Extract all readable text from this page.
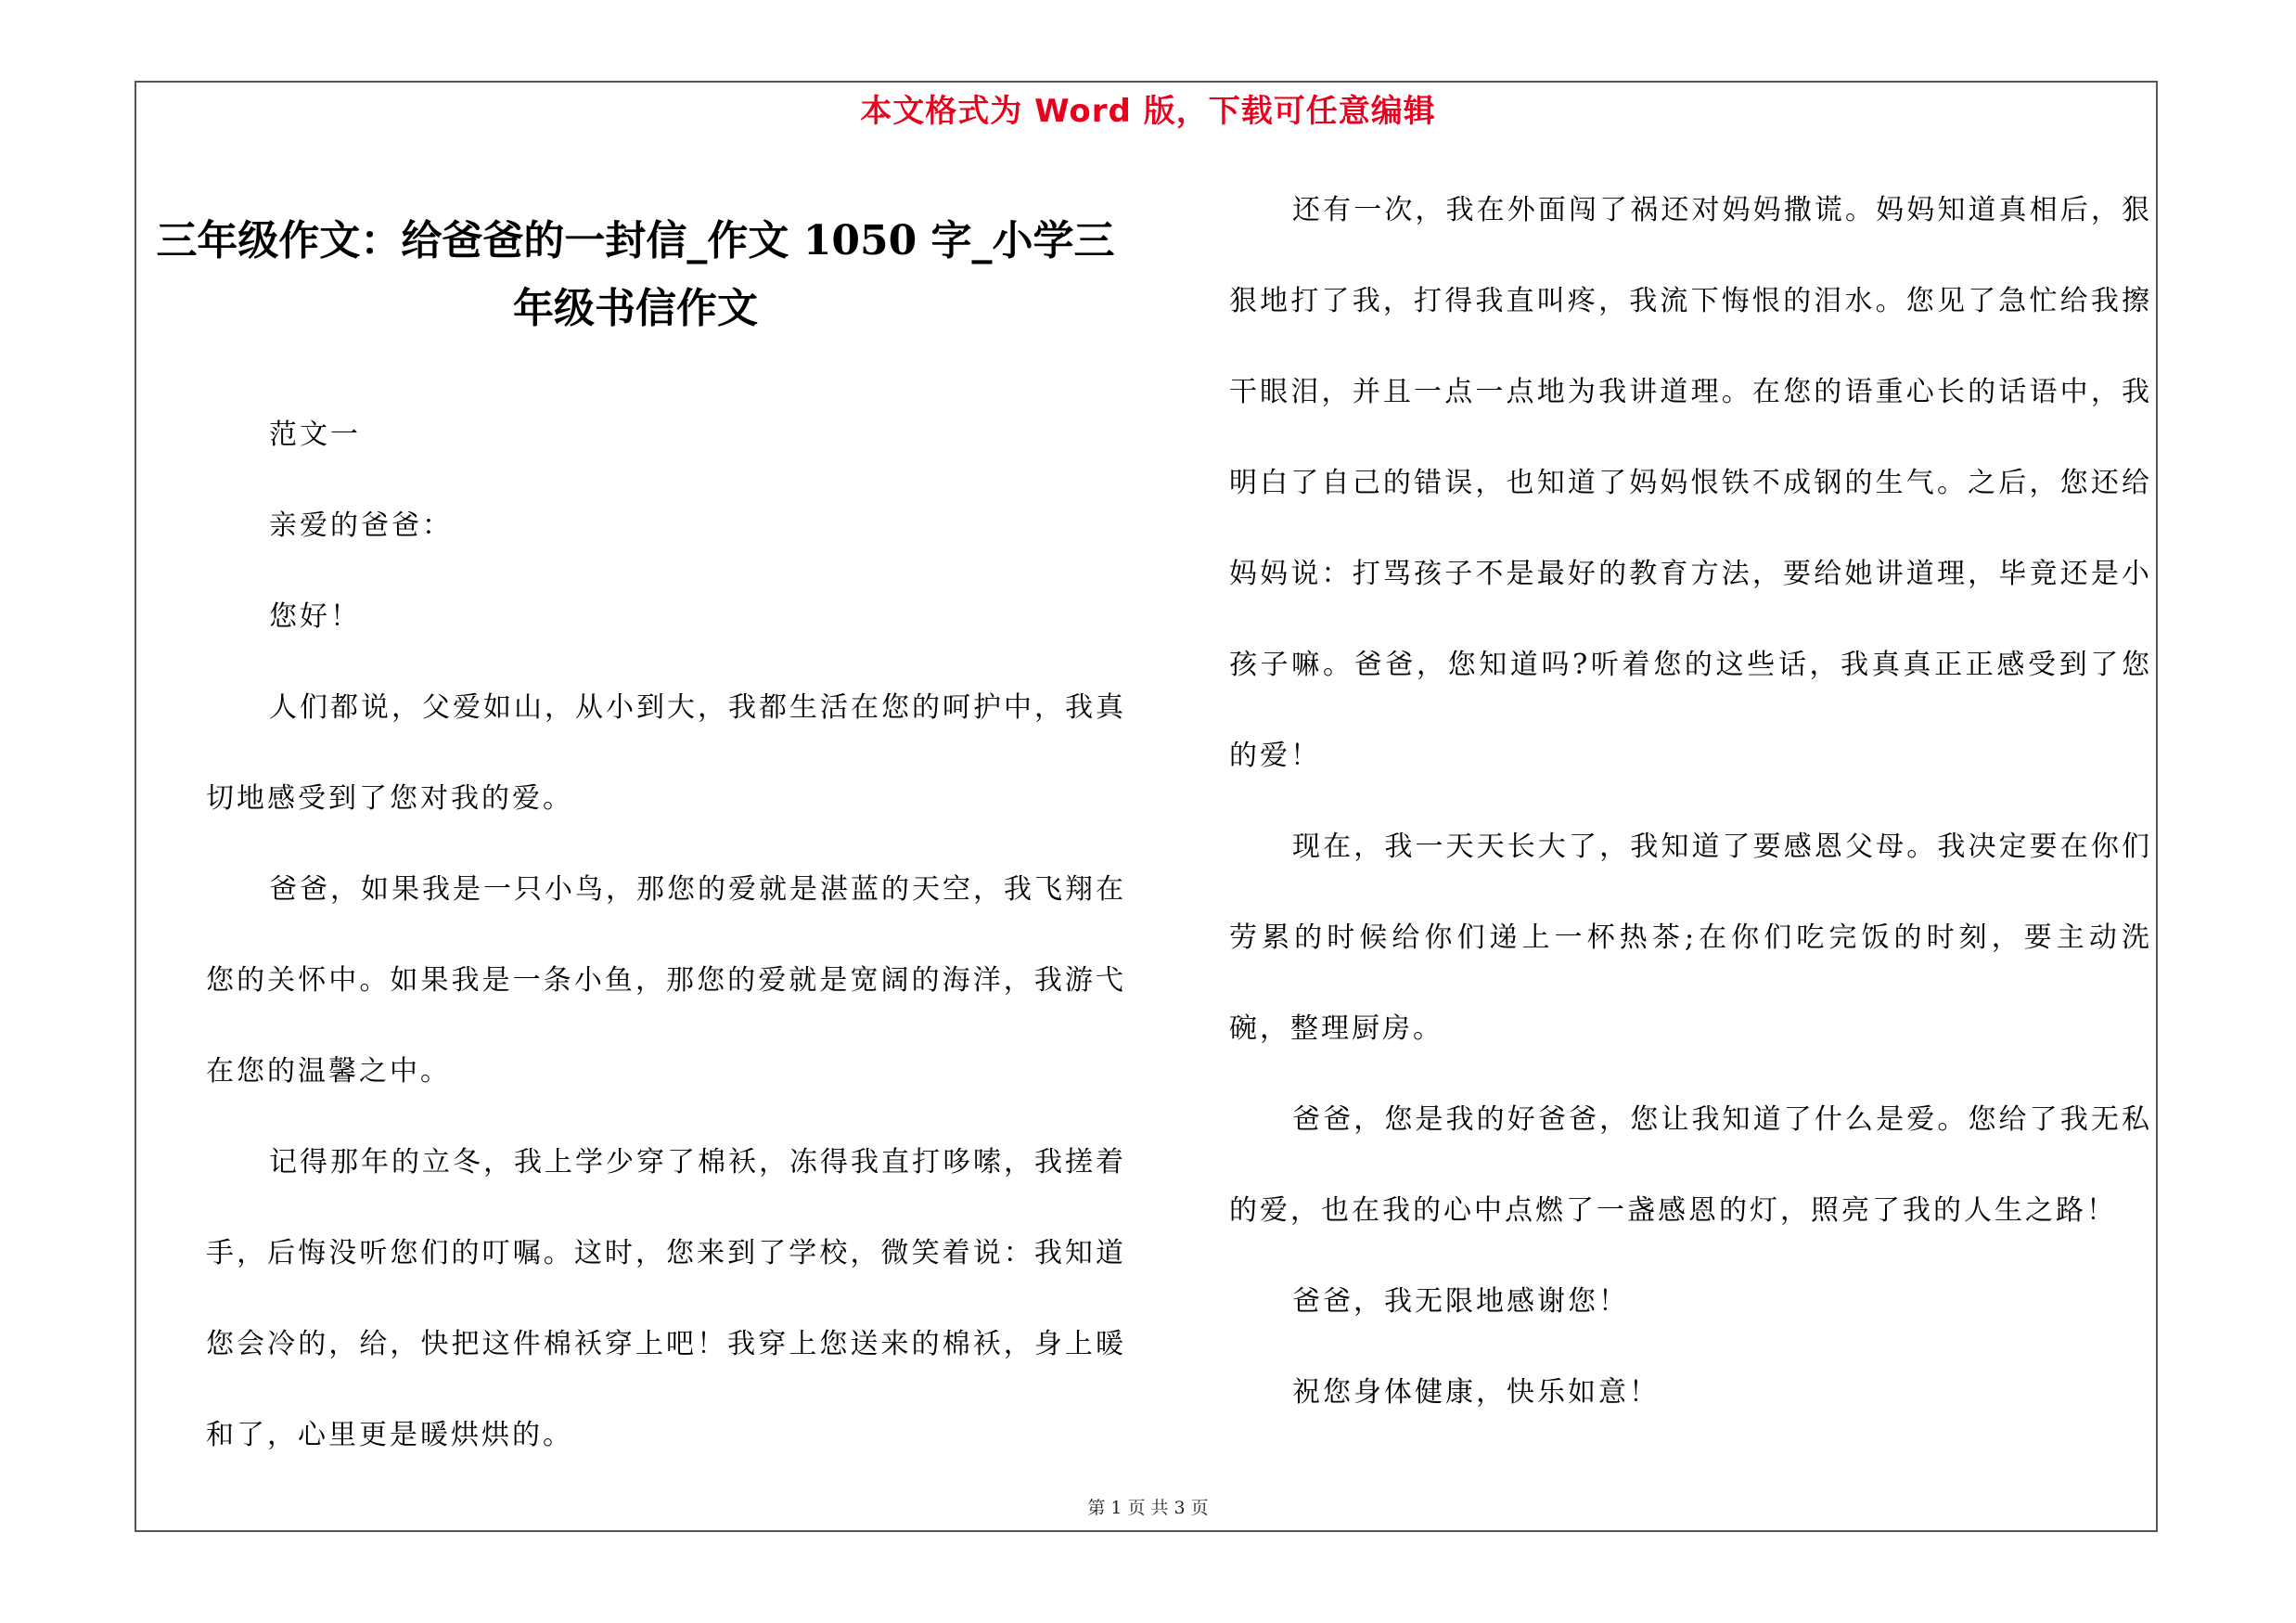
本文格式为 Word 版，下载可任意编辑
三年级作文：给爸爸的一封信_作文 1050 字_小学三年级书信作文

范文一

亲爱的爸爸：

您好！

人们都说，父爱如山，从小到大，我都生活在您的呵护中，我真切地感受到了您对我的爱。

爸爸，如果我是一只小鸟，那您的爱就是湛蓝的天空，我飞翔在您的关怀中。如果我是一条小鱼，那您的爱就是宽阔的海洋，我游弋在您的温馨之中。

记得那年的立冬，我上学少穿了棉袄，冻得我直打哆嗦，我搓着手，后悔没听您们的叮嘱。这时，您来到了学校，微笑着说：我知道您会冷的，给，快把这件棉袄穿上吧！我穿上您送来的棉袄，身上暖和了，心里更是暖烘烘的。

还有一次，我在外面闯了祸还对妈妈撒谎。妈妈知道真相后，狠狠地打了我，打得我直叫疼，我流下悔恨的泪水。您见了急忙给我擦干眼泪，并且一点一点地为我讲道理。在您的语重心长的话语中，我明白了自己的错误，也知道了妈妈恨铁不成钢的生气。之后，您还给妈妈说：打骂孩子不是最好的教育方法，要给她讲道理，毕竟还是小孩子嘛。爸爸，您知道吗?听着您的这些话，我真真正正感受到了您的爱！

现在，我一天天长大了，我知道了要感恩父母。我决定要在你们劳累的时候给你们递上一杯热茶;在你们吃完饭的时刻，要主动洗碗，整理厨房。

爸爸，您是我的好爸爸，您让我知道了什么是爱。您给了我无私的爱，也在我的心中点燃了一盏感恩的灯，照亮了我的人生之路！

爸爸，我无限地感谢您！

祝您身体健康，快乐如意！

第 1 页 共 3 页
